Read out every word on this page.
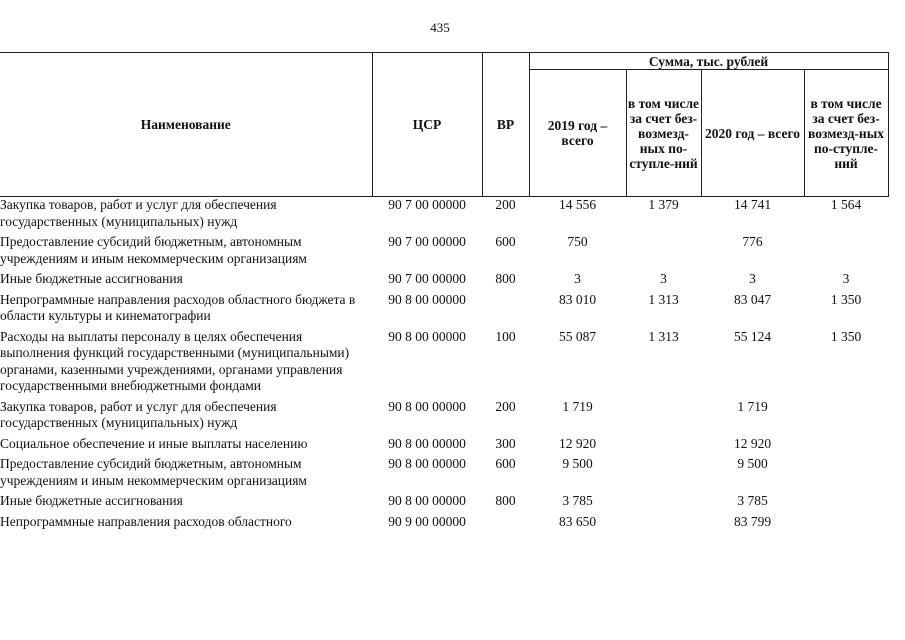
435
Наименование	ЦСР	ВР	Сумма, тыс. рублей			
			2019 год – всего	в том числе за счет без-возмезд-ных по-ступле-ний	2020 год – всего	в том числе за счет без-возмезд-ных по-ступле-ний
Закупка товаров, работ и услуг для обеспечения государственных (муниципальных) нужд	90 7 00 00000	200	14 556	1 379	14 741	1 564
Предоставление субсидий бюджетным, автономным учреждениям и иным некоммерческим организациям	90 7 00 00000	600	750		776	
Иные бюджетные ассигнования	90 7 00 00000	800	3	3	3	3
Непрограммные направления расходов областного бюджета в области культуры и кинематографии	90 8 00 00000		83 010	1 313	83 047	1 350
Расходы на выплаты персоналу в целях обеспечения выполнения функций государственными (муниципальными) органами, казенными учреждениями, органами управления государственными внебюджетными фондами	90 8 00 00000	100	55 087	1 313	55 124	1 350
Закупка товаров, работ и услуг для обеспечения государственных (муниципальных) нужд	90 8 00 00000	200	1 719		1 719	
Социальное обеспечение и иные выплаты населению	90 8 00 00000	300	12 920		12 920	
Предоставление субсидий бюджетным, автономным учреждениям и иным некоммерческим организациям	90 8 00 00000	600	9 500		9 500	
Иные бюджетные ассигнования	90 8 00 00000	800	3 785		3 785	
Непрограммные направления расходов областного	90 9 00 00000		83 650		83 799	
